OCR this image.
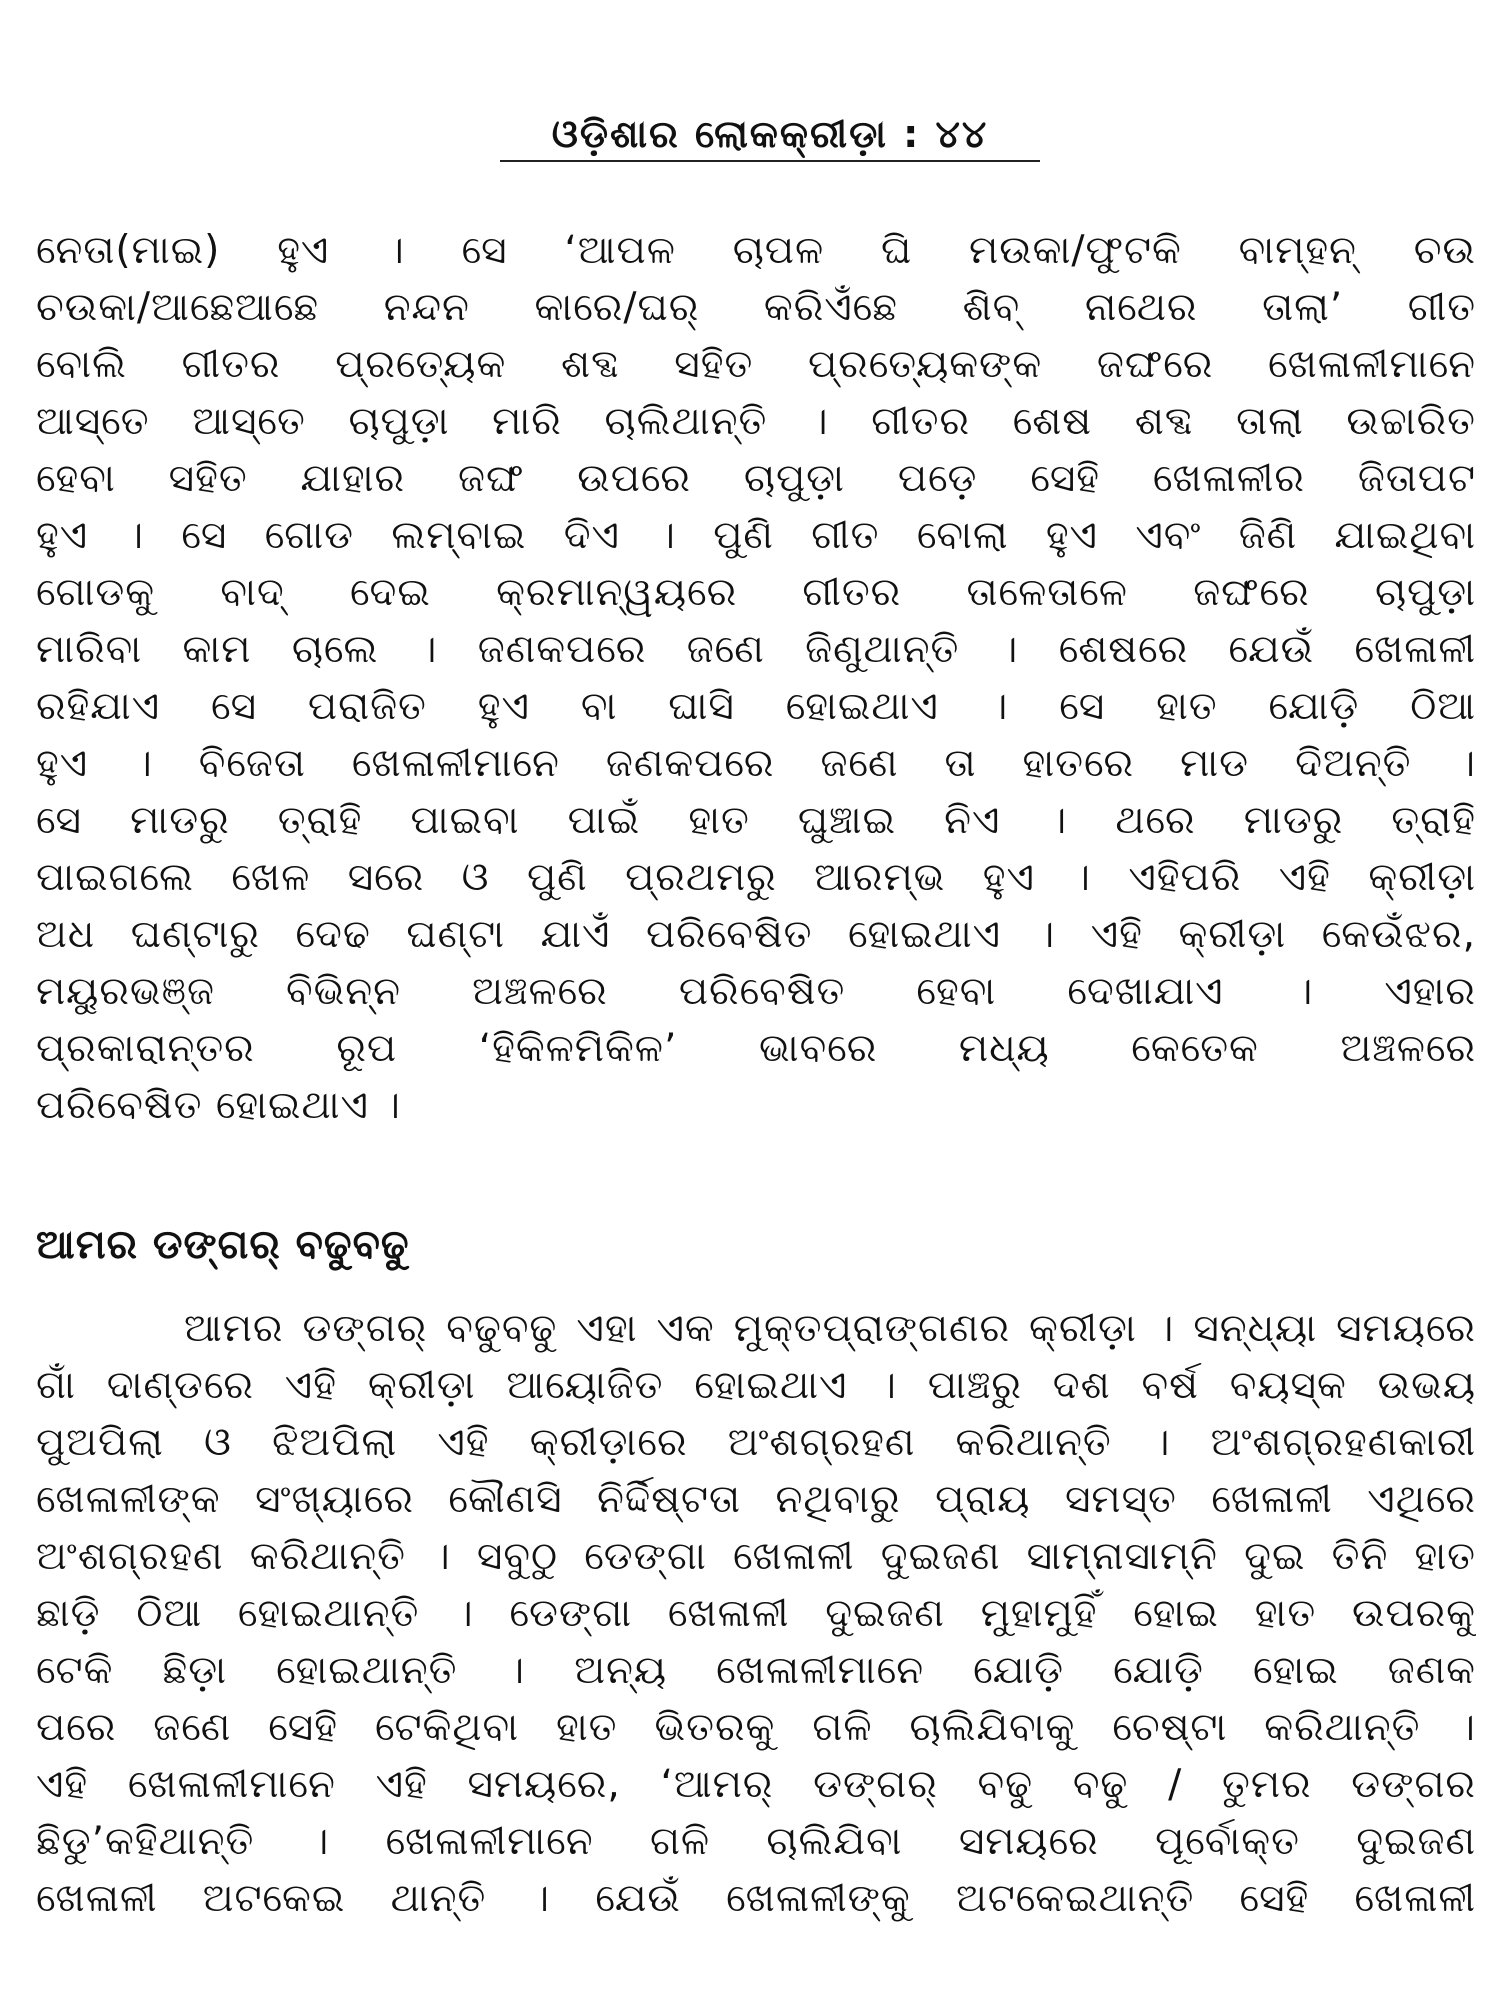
ଓଡ଼ିଶାର ଲୋକକ୍ରୀଡ଼ା : ୪୪
ନେତା(ମାଇ) ହୁଏ । ସେ ‘ଆପଳ ଚାପଳ ଘି ମଉକା/ଫୁଟକି ବାମ୍ହନ୍ ଚଉ
ଚଉକା/ଆଛେଆଛେ ନନ୍ଦନ କାରେ/ଘର୍ କରିଏଁଛେ ଶିବ୍ ନାଥେର ତାଲା’ ଗୀତ
ବୋଲି ଗୀତର ପ୍ରତ୍ୟେକ ଶବ୍ଦ ସହିତ ପ୍ରତ୍ୟେକଙ୍କ ଜଙ୍ଘରେ ଖେଳାଳୀମାନେ
ଆସ୍ତେ ଆସ୍ତେ ଚାପୁଡ଼ା ମାରି ଚାଲିଥାନ୍ତି । ଗୀତର ଶେଷ ଶବ୍ଦ ତାଲା ଉଚ୍ଚାରିତ
ହେବା ସହିତ ଯାହାର ଜଙ୍ଘ ଉପରେ ଚାପୁଡ଼ା ପଡ଼େ ସେହି ଖେଳାଳୀର ଜିତାପଟ
ହୁଏ । ସେ ଗୋଡ ଲମ୍ବାଇ ଦିଏ । ପୁଣି ଗୀତ ବୋଲା ହୁଏ ଏବଂ ଜିଣି ଯାଇଥିବା
ଗୋଡକୁ ବାଦ୍ ଦେଇ କ୍ରମାନ୍ୱୟରେ ଗୀତର ତାଳେତାଳେ ଜଙ୍ଘରେ ଚାପୁଡ଼ା
ମାରିବା କାମ ଚାଲେ । ଜଣକପରେ ଜଣେ ଜିଣୁଥାନ୍ତି । ଶେଷରେ ଯେଉଁ ଖେଳାଳୀ
ରହିଯାଏ ସେ ପରାଜିତ ହୁଏ ବା ଘାସି ହୋଇଥାଏ । ସେ ହାତ ଯୋଡ଼ି ଠିଆ
ହୁଏ । ବିଜେତା ଖେଳାଳୀମାନେ ଜଣକପରେ ଜଣେ ତା ହାତରେ ମାଡ ଦିଅନ୍ତି ।
ସେ ମାଡରୁ ତ୍ରାହି ପାଇବା ପାଇଁ ହାତ ଘୁଞ୍ଚାଇ ନିଏ । ଥରେ ମାଡରୁ ତ୍ରାହି
ପାଇଗଲେ ଖେଳ ସରେ ଓ ପୁଣି ପ୍ରଥମରୁ ଆରମ୍ଭ ହୁଏ । ଏହିପରି ଏହି କ୍ରୀଡ଼ା
ଅଧ ଘଣ୍ଟାରୁ ଦେଢ ଘଣ୍ଟା ଯାଏଁ ପରିବେଷିତ ହୋଇଥାଏ । ଏହି କ୍ରୀଡ଼ା କେଉଁଝର,
ମୟୁରଭଞ୍ଜ ବିଭିନ୍ନ ଅଞ୍ଚଳରେ ପରିବେଷିତ ହେବା ଦେଖାଯାଏ । ଏହାର
ପ୍ରକାରାନ୍ତର ରୂପ ‘ହିକିଳମିକିଳ’ ଭାବରେ ମଧ୍ୟ କେତେକ ଅଞ୍ଚଳରେ
ପରିବେଷିତ ହୋଇଥାଏ ।
ଆମର ଡଙ୍ଗର୍ ବଢୁବଢୁ
ଆମର ଡଙ୍ଗର୍ ବଢୁବଢୁ ଏହା ଏକ ମୁକ୍ତପ୍ରାଙ୍ଗଣର କ୍ରୀଡ଼ା । ସନ୍ଧ୍ୟା ସମୟରେ
ଗାଁ ଦାଣ୍ଡରେ ଏହି କ୍ରୀଡ଼ା ଆୟୋଜିତ ହୋଇଥାଏ । ପାଞ୍ଚରୁ ଦଶ ବର୍ଷ ବୟସ୍କ ଉଭୟ
ପୁଅପିଲା ଓ ଝିଅପିଲା ଏହି କ୍ରୀଡ଼ାରେ ଅଂଶଗ୍ରହଣ କରିଥାନ୍ତି । ଅଂଶଗ୍ରହଣକାରୀ
ଖେଳାଳୀଙ୍କ ସଂଖ୍ୟାରେ କୌଣସି ନିର୍ଦ୍ଦିଷ୍ଟତା ନଥିବାରୁ ପ୍ରାୟ ସମସ୍ତ ଖେଳାଳୀ ଏଥିରେ
ଅଂଶଗ୍ରହଣ କରିଥାନ୍ତି । ସବୁଠୁ ଡେଙ୍ଗା ଖେଳାଳୀ ଦୁଇଜଣ ସାମ୍ନାସାମ୍ନି ଦୁଇ ତିନି ହାତ
ଛାଡ଼ି ଠିଆ ହୋଇଥାନ୍ତି । ଡେଙ୍ଗା ଖେଳାଳୀ ଦୁଇଜଣ ମୁହାମୁହିଁ ହୋଇ ହାତ ଉପରକୁ
ଟେକି ଛିଡ଼ା ହୋଇଥାନ୍ତି । ଅନ୍ୟ ଖେଳାଳୀମାନେ ଯୋଡ଼ି ଯୋଡ଼ି ହୋଇ ଜଣକ
ପରେ ଜଣେ ସେହି ଟେକିଥିବା ହାତ ଭିତରକୁ ଗଳି ଚାଲିଯିବାକୁ ଚେଷ୍ଟା କରିଥାନ୍ତି ।
ଏହି ଖେଳାଳୀମାନେ ଏହି ସମୟରେ, ‘ଆମର୍ ଡଙ୍ଗର୍ ବଢୁ ବଢୁ / ତୁମର ଡଙ୍ଗର
ଛିଡୁ’କହିଥାନ୍ତି । ଖେଳାଳୀମାନେ ଗଳି ଚାଲିଯିବା ସମୟରେ ପୂର୍ବୋକ୍ତ ଦୁଇଜଣ
ଖେଳାଳୀ ଅଟକେଇ ଥାନ୍ତି । ଯେଉଁ ଖେଳାଳୀଙ୍କୁ ଅଟକେଇଥାନ୍ତି ସେହି ଖେଳାଳୀ
